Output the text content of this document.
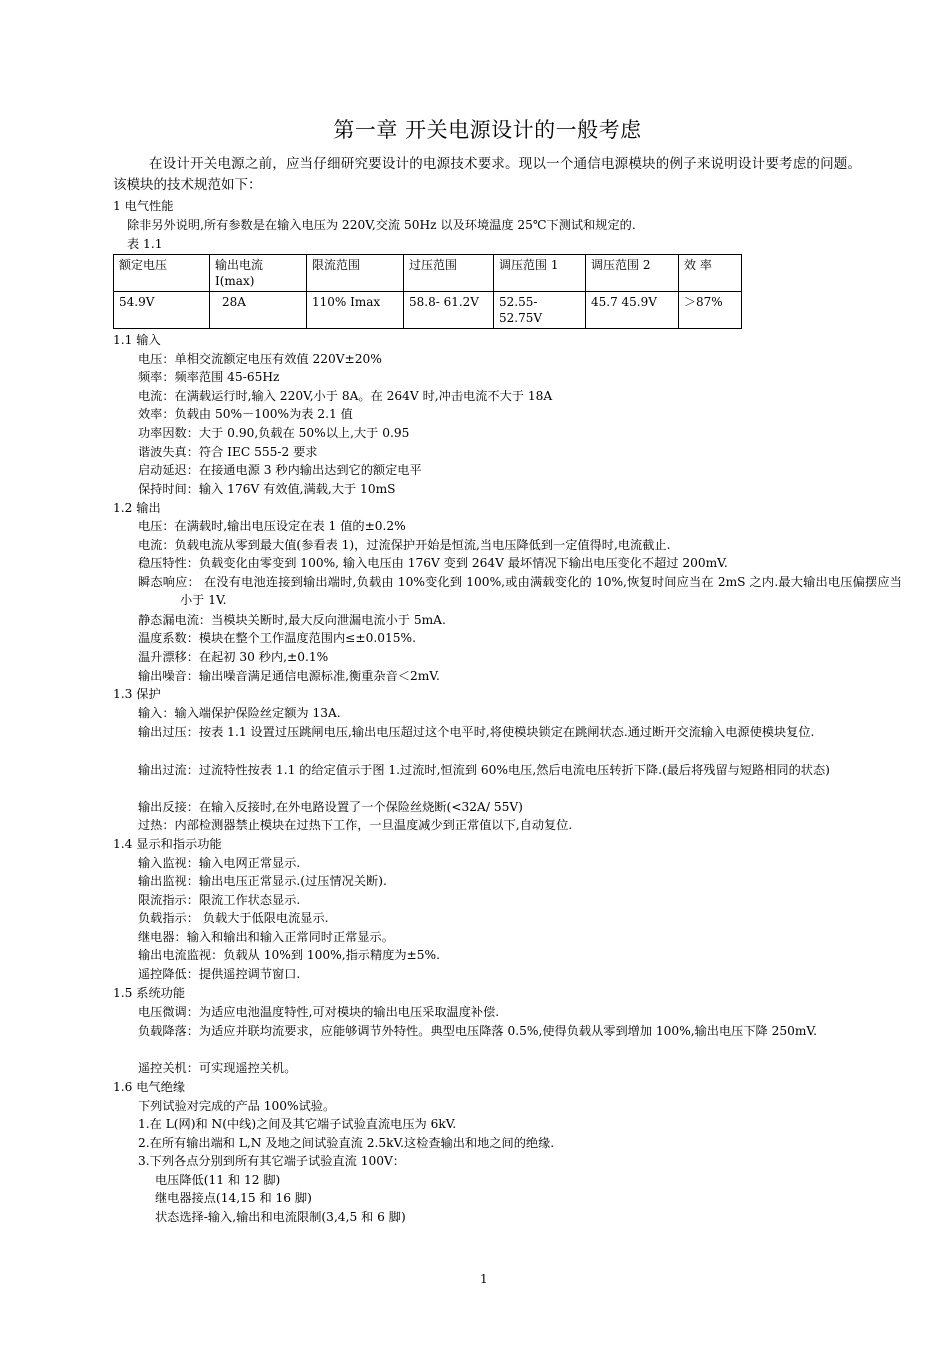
第一章 开关电源设计的一般考虑
在设计开关电源之前，应当仔细研究要设计的电源技术要求。现以一个通信电源模块的例子来说明设计要考虑的问题。该模块的技术规范如下：
1 电气性能
除非另外说明,所有参数是在输入电压为 220V,交流 50Hz 以及环境温度 25℃下测试和规定的.
表 1.1
额定电压	输出电流 I(max)	限流范围	过压范围	调压范围 1	调压范围 2	效 率
54.9V	28A	110% Imax	58.8- 61.2V	52.55- 52.75V	45.7 45.9V	＞87%
1.1 输入
电压：单相交流额定电压有效值 220V±20%
频率：频率范围 45-65Hz
电流：在满载运行时,输入 220V,小于 8A。在 264V 时,冲击电流不大于 18A
效率：负载由 50%－100%为表 2.1 值
功率因数：大于 0.90,负载在 50%以上,大于 0.95
谐波失真：符合 IEC 555-2 要求
启动延迟：在接通电源 3 秒内输出达到它的额定电平
保持时间：输入 176V 有效值,满载,大于 10mS
1.2 输出
电压：在满载时,输出电压设定在表 1 值的±0.2%
电流：负载电流从零到最大值(参看表 1)，过流保护开始是恒流,当电压降低到一定值得时,电流截止.
稳压特性：负载变化由零变到 100%, 输入电压由 176V 变到 264V 最坏情况下输出电压变化不超过 200mV.
瞬态响应： 在没有电池连接到输出端时,负载由 10%变化到 100%,或由满载变化的 10%,恢复时间应当在 2mS 之内.最大输出电压偏摆应当小于 1V.
静态漏电流：当模块关断时,最大反向泄漏电流小于 5mA.
温度系数：模块在整个工作温度范围内≤±0.015%.
温升漂移：在起初 30 秒内,±0.1%
输出噪音：输出噪音满足通信电源标准,衡重杂音＜2mV.
1.3 保护
输入：输入端保护保险丝定额为 13A.
输出过压：按表 1.1 设置过压跳闸电压,输出电压超过这个电平时,将使模块锁定在跳闸状态.通过断开交流输入电源使模块复位.
输出过流：过流特性按表 1.1 的给定值示于图 1.过流时,恒流到 60%电压,然后电流电压转折下降.(最后将残留与短路相同的状态)
输出反接：在输入反接时,在外电路设置了一个保险丝烧断(<32A/ 55V)
过热：内部检测器禁止模块在过热下工作，一旦温度减少到正常值以下,自动复位.
1.4 显示和指示功能
输入监视：输入电网正常显示.
输出监视：输出电压正常显示.(过压情况关断).
限流指示：限流工作状态显示.
负载指示： 负载大于低限电流显示.
继电器：输入和输出和输入正常同时正常显示。
输出电流监视：负载从 10%到 100%,指示精度为±5%.
遥控降低：提供遥控调节窗口.
1.5 系统功能
电压微调：为适应电池温度特性,可对模块的输出电压采取温度补偿.
负载降落：为适应并联均流要求，应能够调节外特性。典型电压降落 0.5%,使得负载从零到增加 100%,输出电压下降 250mV.
遥控关机：可实现遥控关机。
1.6 电气绝缘
下列试验对完成的产品 100%试验。
1.在 L(网)和 N(中线)之间及其它端子试验直流电压为 6kV.
2.在所有输出端和 L,N 及地之间试验直流 2.5kV.这检查输出和地之间的绝缘.
3.下列各点分别到所有其它端子试验直流 100V：
电压降低(11 和 12 脚)
继电器接点(14,15 和 16 脚)
状态选择-输入,输出和电流限制(3,4,5 和 6 脚)
1
